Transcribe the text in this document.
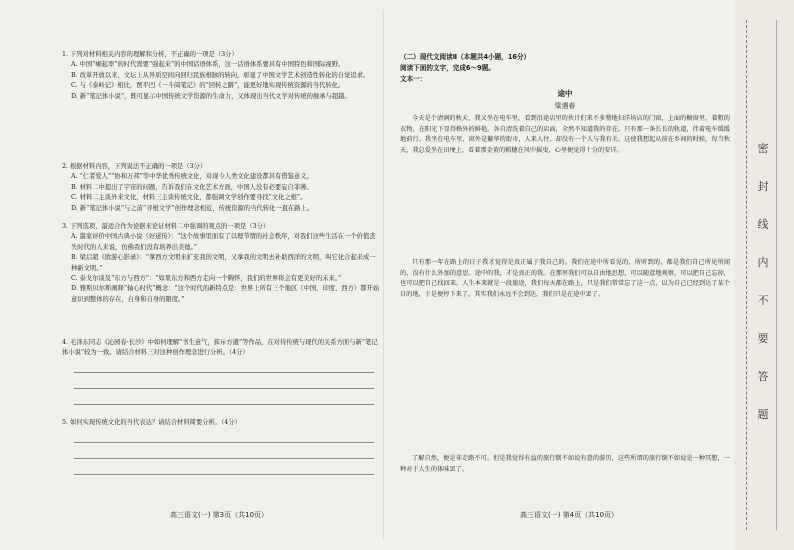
1. 下列对材料相关内容的理解和分析，不正确的一项是（3分）
A. 中国“崛起率”的时代需要“强起来”的中国话语体系，这一话语体系要具有中国特色和国际视野。
B. 改革开放以来，文坛上从异质空间向回归民族根脉的转向，彰显了中国文学艺术创造性转化的自觉追求。
C. 与《泰岭记》相比，贾平凹《一斗阅笔记》的“回转之路”，能更好地实现传统资源的当代转化。
D. 新“笔记体小说”，既可显示中国传统文学资源的生命力，又体现出当代文学对传统的继承与超越。
2. 根据材料内容，下列说法不正确的一项是（3分）
A. “仁者爱人”“协和万邦”等中华优秀传统文化，对现今人类文化建设都具有借鉴意义。
B. 材料二中提出了宇宙的问题，告诉我们在文化艺术方面，中国人没有必要妄自菲薄。
C. 材料二主谈外来文化，材料三主谈传统文化，都强调文学创作要寻找“文化之根”。
D. 新“笔记体小说”与之前“寻根文学”创作理念相近，传统资源的当代转化一直在路上。
3. 下列选项，最适合作为论据来论证材料二中强调的观点的一项是（3分）
A. 墨家评价中国古典小说《好逑传》：“这个故事里面有了以理节情的社会秩序，对我们这些生活在一个价值丧失时代的人来说，仿佛我们没有培养出美德。”
B. 梁启超《欧游心影录》：“拿西方文明来扩充我的文明，又拿我的文明去补助西洋的文明，叫它化合起来成一种新文明。”
C. 泰戈尔谈及“东方与西方”：“如果东方和西方走向一个胸怀，我们的世界将会有更美好的未来。”
D. 雅斯贝尔斯阐释“轴心时代”概念：“这个时代的新特点是：世界上所有三个地区（中国、印度、西方）都开始意识到整体的存在，自身和自身的限度。”
4. 毛泽东同志《沁园春·长沙》中如何理解“书生意气，挥斥方遒”等作品，在对待传统与现代的关系方面与新“笔记体小说”较为一致。请结合材料三对这种创作理念进行分析。（4分）
5. 如何实现传统文化的当代表达？请结合材料简要分析。（4分）
高三语文(一) 第3页（共10页）
（二）现代文阅读Ⅱ（本题共4小题，16分）
阅读下面的文字，完成6～9题。
文本一：
途中
梁遇春
今天是个清润的秋天，我又坐在电车里，看到沿途店里的伙计们来不多整地扫洋场店的门窗，上面的橱窗里，着粗的衣物，在阳光下显得格外的鲜艳。各自清洗着自己的店面，全然不知道我的存在。只有那一条长长的轨道，伴着电车缓缓地前行。我坐在电车里，窗外是繁华的街市，人来人往，却没有一个人与我有关。这使我想起从前在乡间的时候，每当秋天，我总爱坐在田埂上，看着那金黄的稻穗在风中摇曳，心里便觉得十分的安详。
只有那一年在路上的日子我才觉得是真正属于我自己的。我们在途中所看见的，所听到的，都是我们自己所见所闻的，没有什么外加的意思。途中的我，才是真正的我。在那里我们可以自由地思想，可以随意地观察，可以把自己忘掉，也可以把自己找回来。人生本来就是一段旅途，我们每天都在路上，只是我们常常忘了这一点，以为自己已经到达了某个目的地，于是便停下来了。其实我们永远不会到达，我们只是在途中罢了。
了解自然，便是非走路不可。但是我觉得有益的旅行倒不如说有意的游历，这些所谓的旅行倒不如说是一种冥想，一种对于人生的体味罢了。
高三语文(一) 第4页（共10页）
密封线内不要答题
